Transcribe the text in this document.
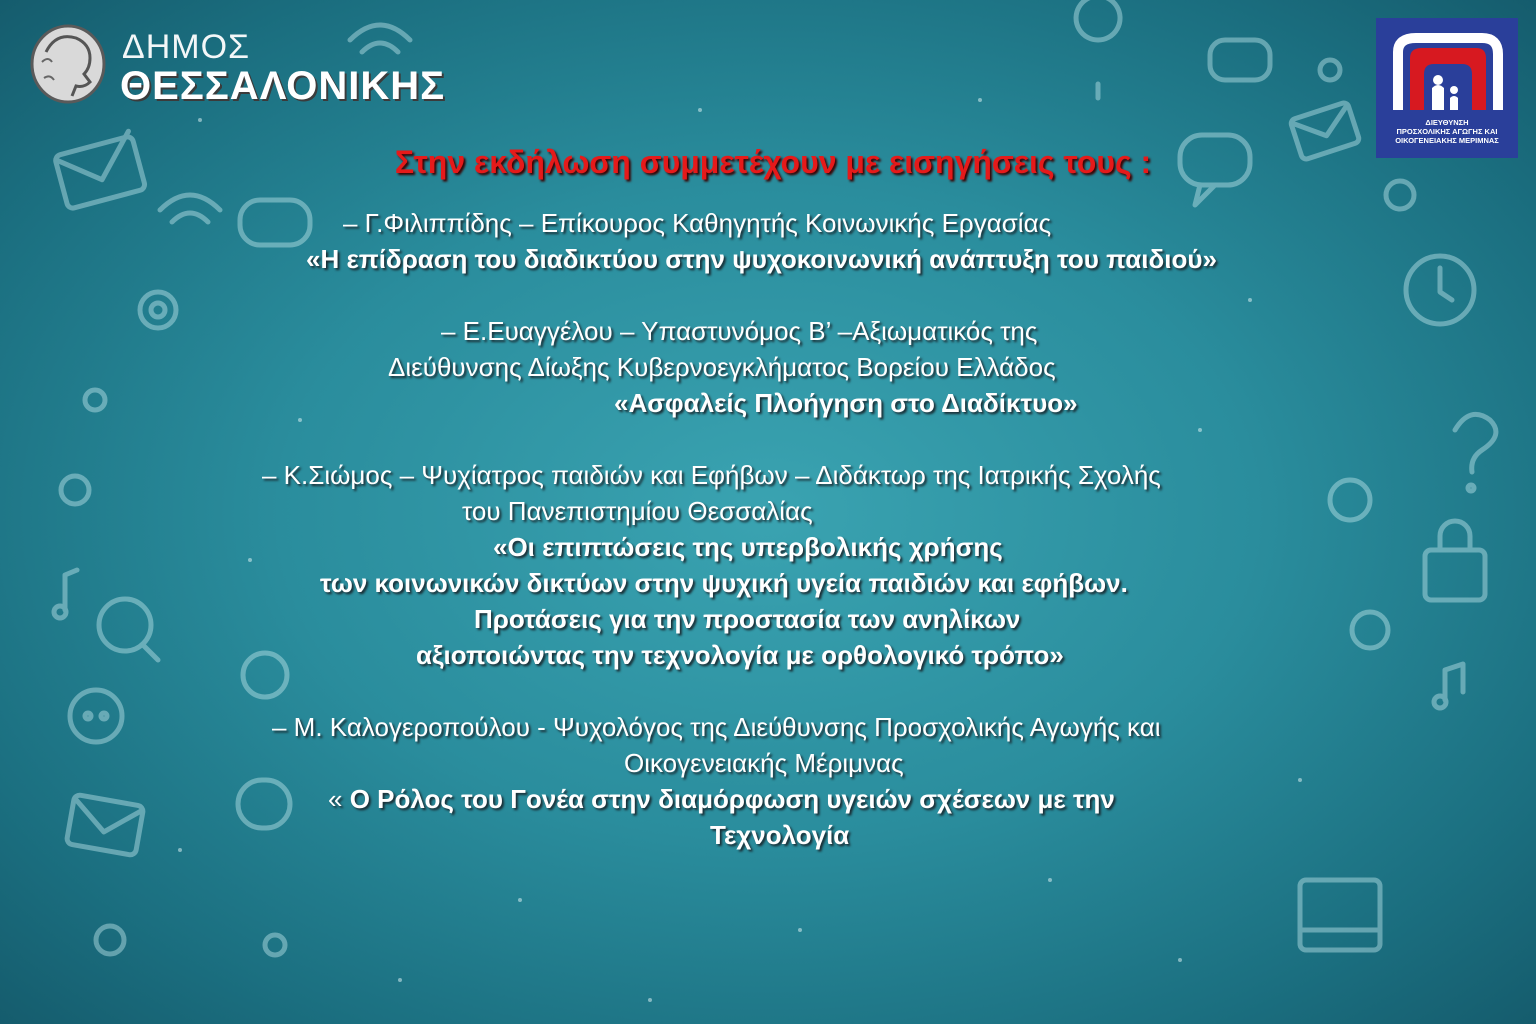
ΔΗΜΟΣ
ΘΕΣΣΑΛΟΝΙΚΗΣ
ΔΙΕΥΘΥΝΣΗ
ΠΡΟΣΧΟΛΙΚΗΣ ΑΓΩΓΗΣ ΚΑΙ
ΟΙΚΟΓΕΝΕΙΑΚΗΣ ΜΕΡΙΜΝΑΣ
Στην εκδήλωση συμμετέχουν με εισηγήσεις τους :
– Γ.Φιλιππίδης – Επίκουρος Καθηγητής Κοινωνικής Εργασίας
«Η επίδραση του διαδικτύου στην ψυχοκοινωνική ανάπτυξη του παιδιού»
– Ε.Ευαγγέλου – Υπαστυνόμος Β’ –Αξιωματικός της
Διεύθυνσης Δίωξης Κυβερνοεγκλήματος Βορείου Ελλάδος
«Ασφαλείς Πλοήγηση στο Διαδίκτυο»
– Κ.Σιώμος – Ψυχίατρος παιδιών και Εφήβων – Διδάκτωρ της Ιατρικής Σχολής
του Πανεπιστημίου Θεσσαλίας
«Οι επιπτώσεις της υπερβολικής χρήσης
των κοινωνικών δικτύων στην ψυχική υγεία παιδιών και εφήβων.
Προτάσεις για την προστασία των ανηλίκων
αξιοποιώντας την τεχνολογία με ορθολογικό τρόπο»
– Μ. Καλογεροπούλου - Ψυχολόγος της Διεύθυνσης Προσχολικής Αγωγής και
Οικογενειακής Μέριμνας
« Ο Ρόλος του Γονέα στην διαμόρφωση υγειών σχέσεων με την
Τεχνολογία
